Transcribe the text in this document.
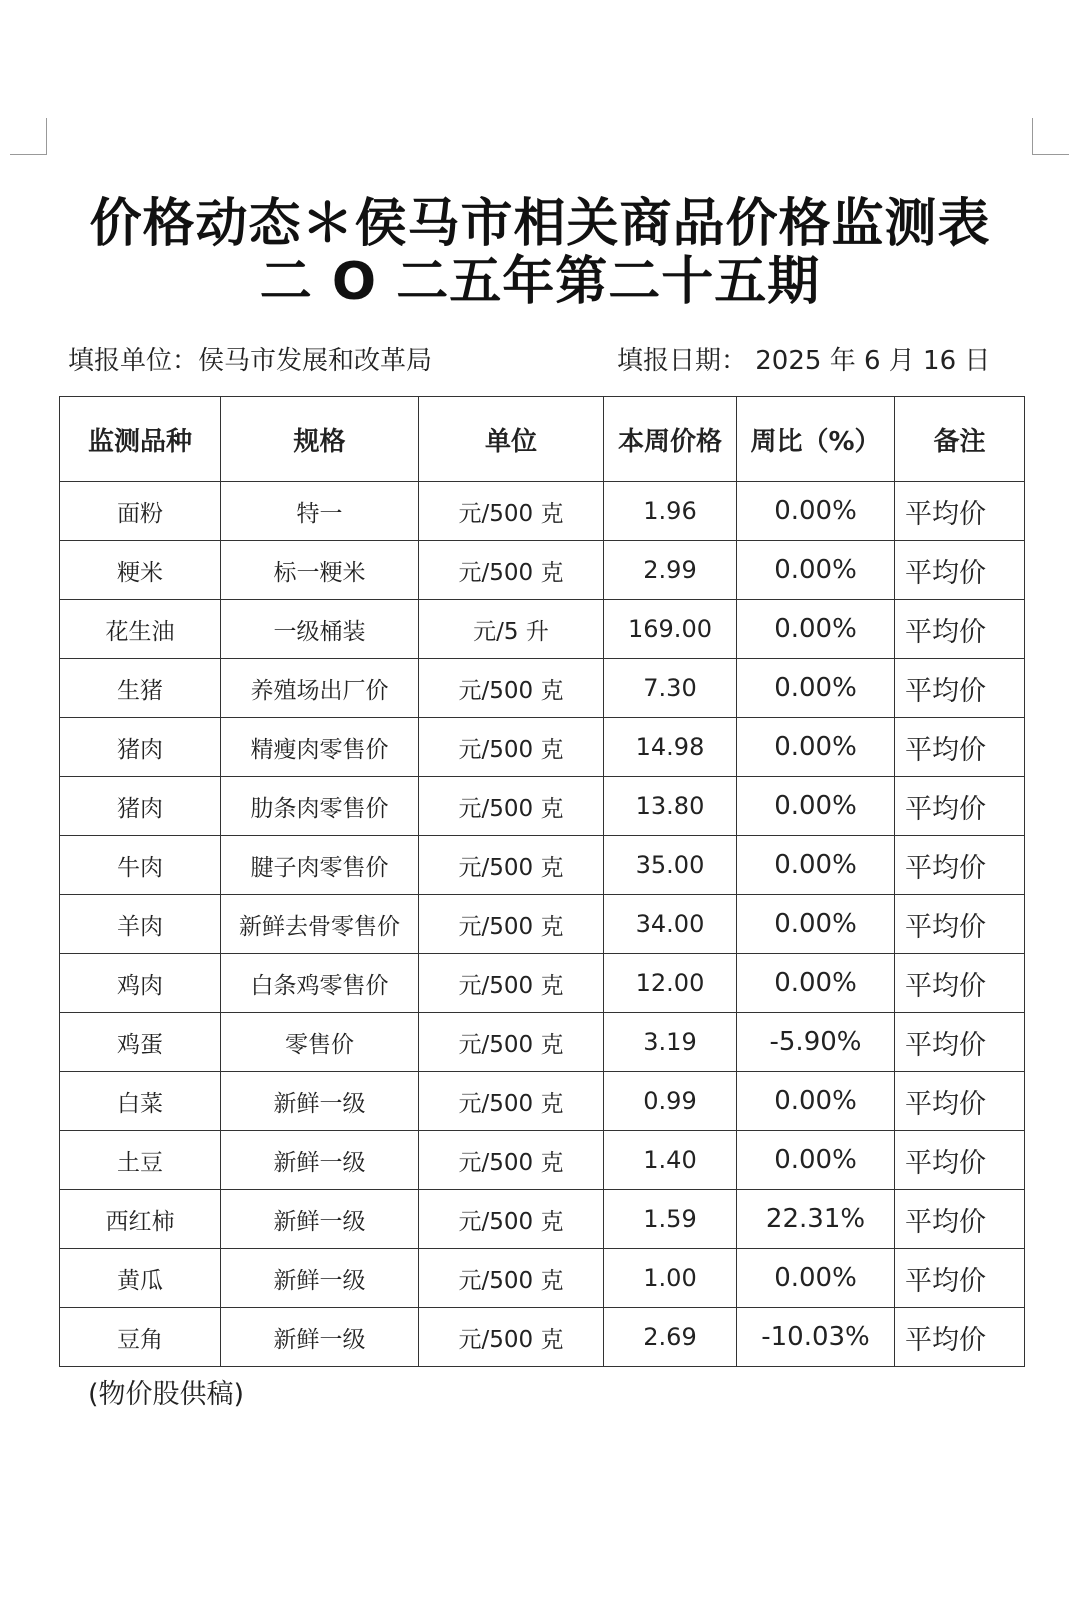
价格动态＊侯马市相关商品价格监测表
二 O 二五年第二十五期
填报单位：侯马市发展和改革局	填报日期： 2025 年 6 月 16 日
监测品种	规格	单位	本周价格	周比（%）	备注
面粉	特一	元/500 克	1.96	0.00%	平均价
粳米	标一粳米	元/500 克	2.99	0.00%	平均价
花生油	一级桶装	元/5 升	169.00	0.00%	平均价
生猪	养殖场出厂价	元/500 克	7.30	0.00%	平均价
猪肉	精瘦肉零售价	元/500 克	14.98	0.00%	平均价
猪肉	肋条肉零售价	元/500 克	13.80	0.00%	平均价
牛肉	腱子肉零售价	元/500 克	35.00	0.00%	平均价
羊肉	新鲜去骨零售价	元/500 克	34.00	0.00%	平均价
鸡肉	白条鸡零售价	元/500 克	12.00	0.00%	平均价
鸡蛋	零售价	元/500 克	3.19	-5.90%	平均价
白菜	新鲜一级	元/500 克	0.99	0.00%	平均价
土豆	新鲜一级	元/500 克	1.40	0.00%	平均价
西红柿	新鲜一级	元/500 克	1.59	22.31%	平均价
黄瓜	新鲜一级	元/500 克	1.00	0.00%	平均价
豆角	新鲜一级	元/500 克	2.69	-10.03%	平均价
(物价股供稿)
